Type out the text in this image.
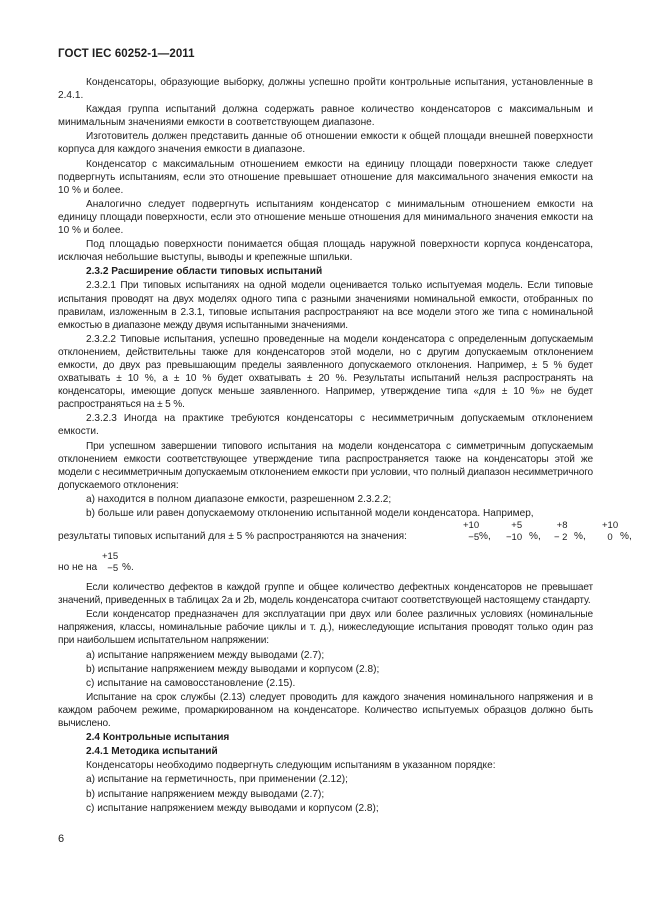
ГОСТ IEC 60252-1—2011

Конденсаторы, образующие выборку, должны успешно пройти контрольные испытания, установленные в 2.4.1.

Каждая группа испытаний должна содержать равное количество конденсаторов с максимальным и минимальным значениями емкости в соответствующем диапазоне.

Изготовитель должен представить данные об отношении емкости к общей площади внешней поверхности корпуса для каждого значения емкости в диапазоне.

Конденсатор с максимальным отношением емкости на единицу площади поверхности также следует подвергнуть испытаниям, если это отношение превышает отношение для максимального значения емкости на 10 % и более.

Аналогично следует подвергнуть испытаниям конденсатор с минимальным отношением емкости на единицу площади поверхности, если это отношение меньше отношения для минимального значения емкости на 10 % и более.

Под площадью поверхности понимается общая площадь наружной поверхности корпуса конденсатора, исключая небольшие выступы, выводы и крепежные шпильки.

2.3.2 Расширение области типовых испытаний

2.3.2.1 При типовых испытаниях на одной модели оценивается только испытуемая модель. Если типовые испытания проводят на двух моделях одного типа с разными значениями номинальной емкости, отобранных по правилам, изложенным в 2.3.1, типовые испытания распространяют на все модели этого же типа с номинальной емкостью в диапазоне между двумя испытанными значениями.

2.3.2.2 Типовые испытания, успешно проведенные на модели конденсатора с определенным допускаемым отклонением, действительны также для конденсаторов этой модели, но с другим допускаемым отклонением емкости, до двух раз превышающим пределы заявленного допускаемого отклонения. Например, ± 5 % будет охватывать ± 10 %, а ± 10 % будет охватывать ± 20 %. Результаты испытаний нельзя распространять на конденсаторы, имеющие допуск меньше заявленного. Например, утверждение типа «для ± 10 %» не будет распространяться на ± 5 %.

2.3.2.3 Иногда на практике требуются конденсаторы с несимметричным допускаемым отклонением емкости.

При успешном завершении типового испытания на модели конденсатора с симметричным допускаемым отклонением емкости соответствующее утверждение типа распространяется также на конденсаторы этой же модели с несимметричным допускаемым отклонением емкости при условии, что полный диапазон несимметричного допускаемого отклонения:

а) находится в полном диапазоне емкости, разрешенном 2.3.2.2;

b) больше или равен допускаемому отклонению испытанной модели конденсатора. Например,

результаты типовых испытаний для ± 5 % распространяются на значения:
+10
−5 %,
+5
−10 %,
+8
− 2 %,
+10
0 %,
но не на
+15
−5 %.

Если количество дефектов в каждой группе и общее количество дефектных конденсаторов не превышает значений, приведенных в таблицах 2а и 2b, модель конденсатора считают соответствующей настоящему стандарту.

Если конденсатор предназначен для эксплуатации при двух или более различных условиях (номинальные напряжения, классы, номинальные рабочие циклы и т. д.), нижеследующие испытания проводят только один раз при наибольшем испытательном напряжении:

а) испытание напряжением между выводами (2.7);

b) испытание напряжением между выводами и корпусом (2.8);

с) испытание на самовосстановление (2.15).

Испытание на срок службы (2.13) следует проводить для каждого значения номинального напряжения и в каждом рабочем режиме, промаркированном на конденсаторе. Количество испытуемых образцов должно быть вычислено.

2.4 Контрольные испытания

2.4.1 Методика испытаний

Конденсаторы необходимо подвергнуть следующим испытаниям в указанном порядке:

а) испытание на герметичность, при применении (2.12);

b) испытание напряжением между выводами (2.7);

с) испытание напряжением между выводами и корпусом (2.8);

6
